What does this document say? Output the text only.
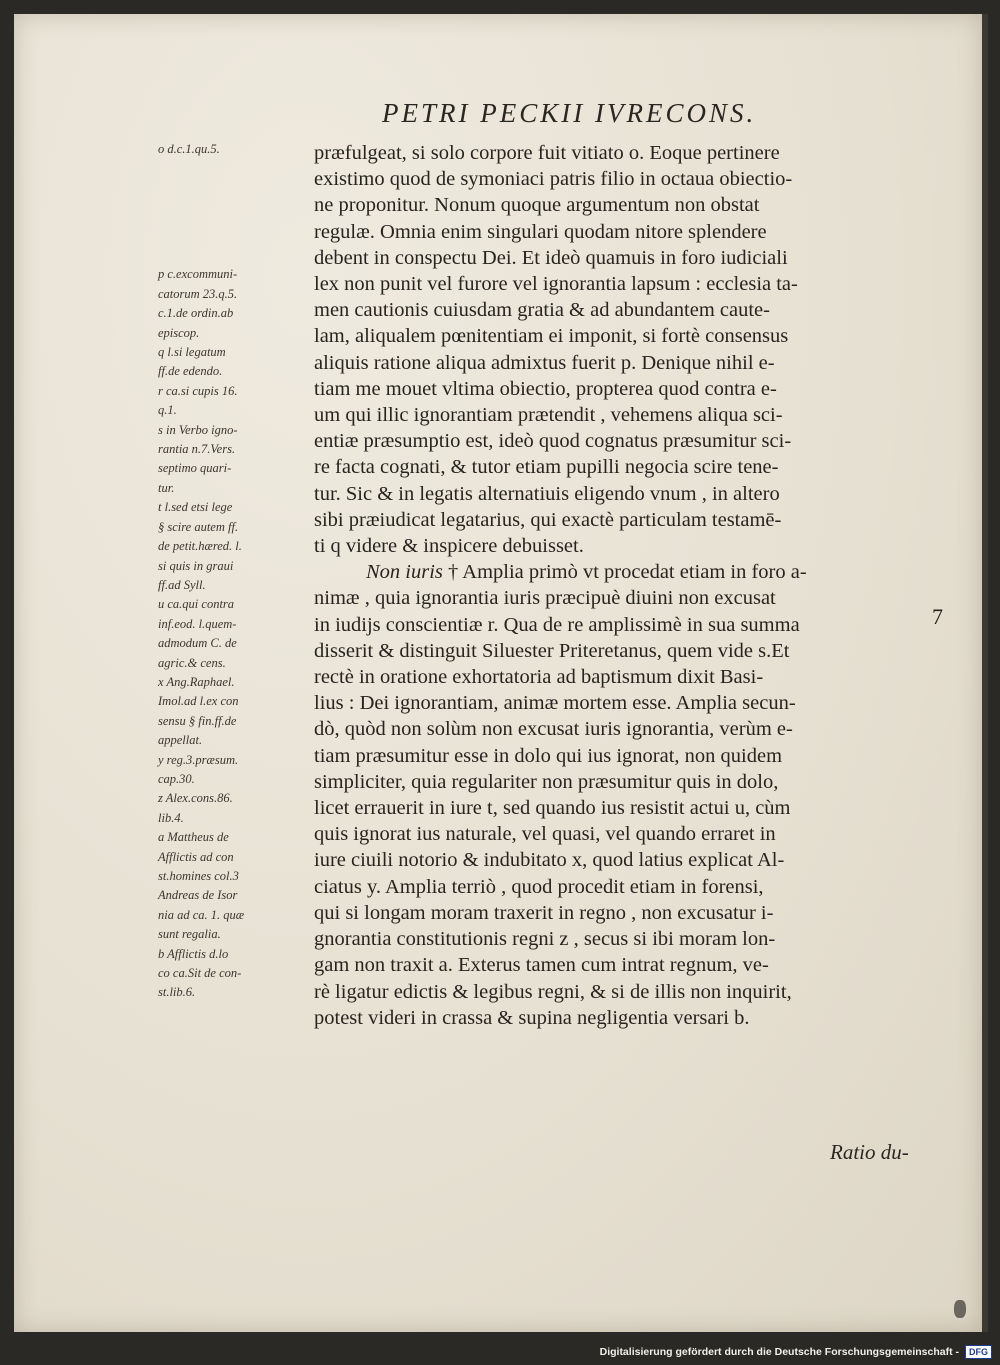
PETRI PECKII IVRECONS.
o d.c.1.qu.5.
p c.excommuni-
catorum 23.q.5.
c.1.de ordin.ab
episcop.
q l.si legatum
ff.de edendo.
r ca.si cupis 16.
q.1.
s in Verbo igno-
rantia n.7.Vers.
septimo quari-
tur.
t l.sed etsi lege
§ scire autem ff.
de petit.hæred. l.
si quis in graui
ff.ad Syll.
u ca.qui contra
inf.eod. l.quem-
admodum C. de
agric.& cens.
x Ang.Raphael.
Imol.ad l.ex con
sensu § fin.ff.de
appellat.
y reg.3.præsum.
cap.30.
z Alex.cons.86.
lib.4.
a Mattheus de
Afflictis ad con
st.homines col.3
Andreas de Isor
nia ad ca. 1. quæ
sunt regalia.
b Afflictis d.lo
co ca.Sit de con-
st.lib.6.
præfulgeat, si solo corpore fuit vitiato o. Eoque pertinere
existimo quod de symoniaci patris filio in octaua obiectio-
ne proponitur. Nonum quoque argumentum non obstat
regulæ. Omnia enim singulari quodam nitore splendere
debent in conspectu Dei. Et ideò quamuis in foro iudiciali
lex non punit vel furore vel ignorantia lapsum : ecclesia ta-
men cautionis cuiusdam gratia & ad abundantem caute-
lam, aliqualem pœnitentiam ei imponit, si fortè consensus
aliquis ratione aliqua admixtus fuerit p. Denique nihil e-
tiam me mouet vltima obiectio, propterea quod contra e-
um qui illic ignorantiam prætendit , vehemens aliqua sci-
entiæ præsumptio est, ideò quod cognatus præsumitur sci-
re facta cognati, & tutor etiam pupilli negocia scire tene-
tur. Sic & in legatis alternatiuis eligendo vnum , in altero
sibi præiudicat legatarius, qui exactè particulam testamē-
ti q videre & inspicere debuisset.
Non iuris † Amplia primò vt procedat etiam in foro a-
nimæ , quia ignorantia iuris præcipuè diuini non excusat
in iudijs conscientiæ r. Qua de re amplissimè in sua summa
disserit & distinguit Siluester Priteretanus, quem vide s.Et
rectè in oratione exhortatoria ad baptismum dixit Basi-
lius : Dei ignorantiam, animæ mortem esse. Amplia secun-
dò, quòd non solùm non excusat iuris ignorantia, verùm e-
tiam præsumitur esse in dolo qui ius ignorat, non quidem
simpliciter, quia regulariter non præsumitur quis in dolo,
licet errauerit in iure t, sed quando ius resistit actui u, cùm
quis ignorat ius naturale, vel quasi, vel quando erraret in
iure ciuili notorio & indubitato x, quod latius explicat Al-
ciatus y. Amplia terriò , quod procedit etiam in forensi,
qui si longam moram traxerit in regno , non excusatur i-
gnorantia constitutionis regni z , secus si ibi moram lon-
gam non traxit a. Exterus tamen cum intrat regnum, ve-
rè ligatur edictis & legibus regni, & si de illis non inquirit,
potest videri in crassa & supina negligentia versari b.
7
Ratio du-
Digitalisierung gefördert durch die Deutsche Forschungsgemeinschaft -	DFG
